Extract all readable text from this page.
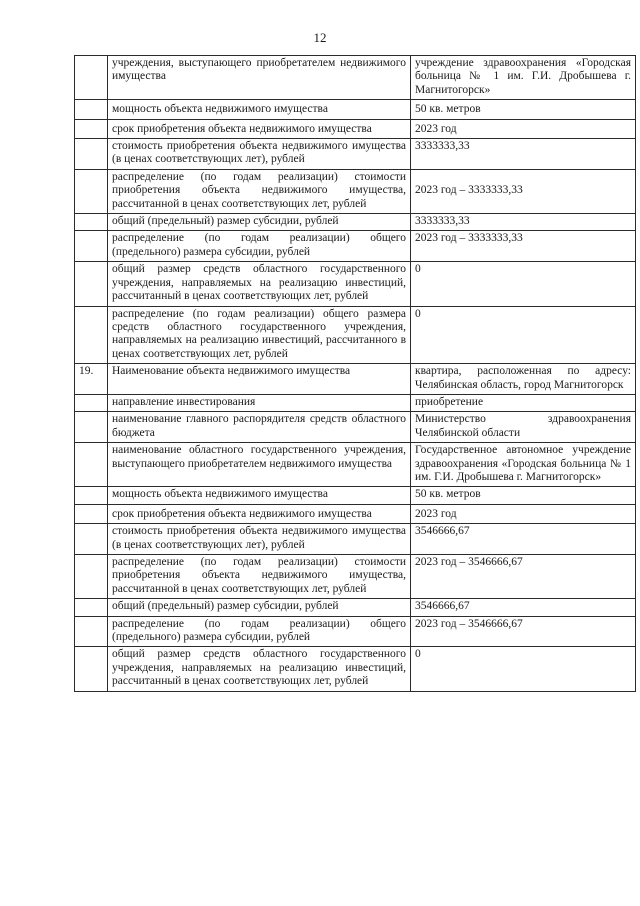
12
	учреждения, выступающего приобретателем недвижимого имущества	учреждение здравоохранения «Городская больница № 1 им. Г.И. Дробышева г. Магнитогорск»
	мощность объекта недвижимого имущества	50 кв. метров
	срок приобретения объекта недвижимого имущества	2023 год
	стоимость приобретения объекта недвижимого имущества (в ценах соответствующих лет), рублей	3333333,33
	распределение (по годам реализации) стоимости приобретения объекта недвижимого имущества, рассчитанной в ценах соответствующих лет, рублей	2023 год – 3333333,33
	общий (предельный) размер субсидии, рублей	3333333,33
	распределение (по годам реализации) общего (предельного) размера субсидии, рублей	2023 год – 3333333,33
	общий размер средств областного государственного учреждения, направляемых на реализацию инвестиций, рассчитанный в ценах соответствующих лет, рублей	0
	распределение (по годам реализации) общего размера средств областного государственного учреждения, направляемых на реализацию инвестиций, рассчитанного в ценах соответствующих лет, рублей	0
19.	Наименование объекта недвижимого имущества	квартира, расположенная по адресу: Челябинская область, город Магнитогорск
	направление инвестирования	приобретение
	наименование главного распорядителя средств областного бюджета	Министерство здравоохранения Челябинской области
	наименование областного государственного учреждения, выступающего приобретателем недвижимого имущества	Государственное автономное учреждение здравоохранения «Городская больница № 1 им. Г.И. Дробышева г. Магнитогорск»
	мощность объекта недвижимого имущества	50 кв. метров
	срок приобретения объекта недвижимого имущества	2023 год
	стоимость приобретения объекта недвижимого имущества (в ценах соответствующих лет), рублей	3546666,67
	распределение (по годам реализации) стоимости приобретения объекта недвижимого имущества, рассчитанной в ценах соответствующих лет, рублей	2023 год – 3546666,67
	общий (предельный) размер субсидии, рублей	3546666,67
	распределение (по годам реализации) общего (предельного) размера субсидии, рублей	2023 год – 3546666,67
	общий размер средств областного государственного учреждения, направляемых на реализацию инвестиций, рассчитанный в ценах соответствующих лет, рублей	0
